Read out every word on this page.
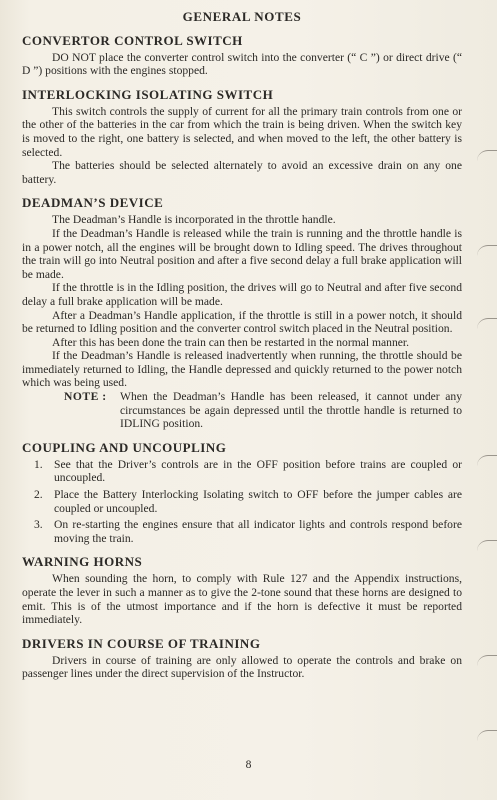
GENERAL NOTES
CONVERTOR CONTROL SWITCH

DO NOT place the converter control switch into the converter (“ C ”) or direct drive (“ D ”) positions with the engines stopped.

INTERLOCKING ISOLATING SWITCH

This switch controls the supply of current for all the primary train controls from one or the other of the batteries in the car from which the train is being driven. When the switch key is moved to the right, one battery is selected, and when moved to the left, the other battery is selected.

The batteries should be selected alternately to avoid an excessive drain on any one battery.

DEADMAN’S DEVICE

The Deadman’s Handle is incorporated in the throttle handle.

If the Deadman’s Handle is released while the train is running and the throttle handle is in a power notch, all the engines will be brought down to Idling speed. The drives throughout the train will go into Neutral position and after a five second delay a full brake application will be made.

If the throttle is in the Idling position, the drives will go to Neutral and after five second delay a full brake application will be made.

After a Deadman’s Handle application, if the throttle is still in a power notch, it should be returned to Idling position and the converter control switch placed in the Neutral position.

After this has been done the train can then be restarted in the normal manner.

If the Deadman’s Handle is released inadvertently when running, the throttle should be immediately returned to Idling, the Handle depressed and quickly returned to the power notch which was being used.

NOTE :	When the Deadman’s Handle has been released, it cannot under any circumstances be again depressed until the throttle handle is returned to IDLING position.
COUPLING AND UNCOUPLING
1. See that the Driver’s controls are in the OFF position before trains are coupled or uncoupled.
2. Place the Battery Interlocking Isolating switch to OFF before the jumper cables are coupled or uncoupled.
3. On re-starting the engines ensure that all indicator lights and controls respond before moving the train.
WARNING HORNS

When sounding the horn, to comply with Rule 127 and the Appendix instructions, operate the lever in such a manner as to give the 2-tone sound that these horns are designed to emit. This is of the utmost importance and if the horn is defective it must be reported immediately.

DRIVERS IN COURSE OF TRAINING

Drivers in course of training are only allowed to operate the controls and brake on passenger lines under the direct supervision of the Instructor.

8
